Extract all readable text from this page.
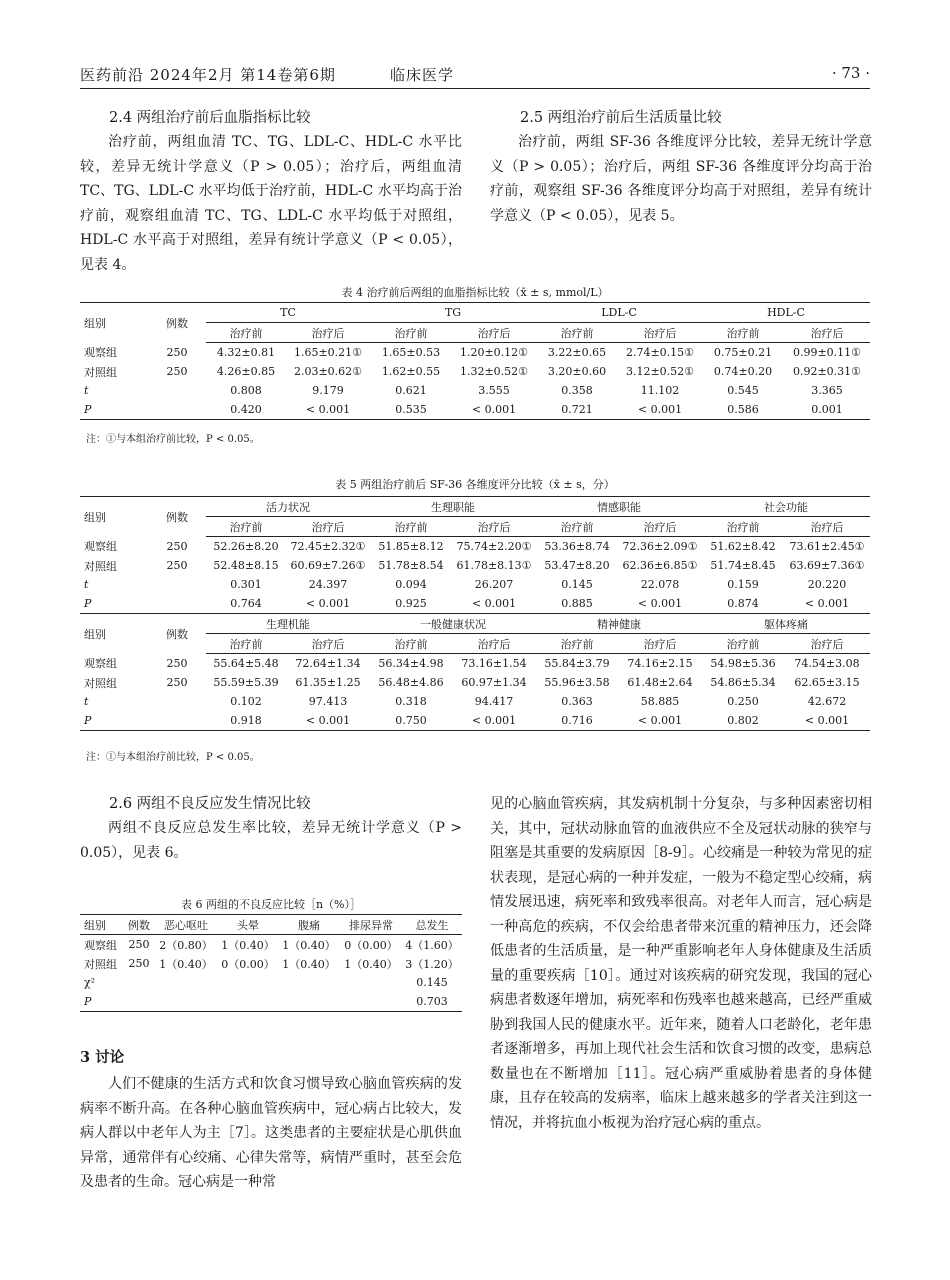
医药前沿 2024年2月 第14卷第6期	临床医学	· 73 ·
2.4 两组治疗前后血脂指标比较

治疗前，两组血清 TC、TG、LDL-C、HDL-C 水平比较，差异无统计学意义（P > 0.05）；治疗后，两组血清 TC、TG、LDL-C 水平均低于治疗前，HDL-C 水平均高于治疗前，观察组血清 TC、TG、LDL-C 水平均低于对照组，HDL-C 水平高于对照组，差异有统计学意义（P < 0.05），见表 4。

2.5 两组治疗前后生活质量比较

治疗前，两组 SF-36 各维度评分比较，差异无统计学意义（P > 0.05）；治疗后，两组 SF-36 各维度评分均高于治疗前，观察组 SF-36 各维度评分均高于对照组，差异有统计学意义（P < 0.05），见表 5。

表 4 治疗前后两组的血脂指标比较（x̄ ± s, mmol/L）
组别	例数	TC		TG		LDL-C		HDL-C	
		治疗前	治疗后	治疗前	治疗后	治疗前	治疗后	治疗前	治疗后
观察组	250	4.32±0.81	1.65±0.21①	1.65±0.53	1.20±0.12①	3.22±0.65	2.74±0.15①	0.75±0.21	0.99±0.11①
对照组	250	4.26±0.85	2.03±0.62①	1.62±0.55	1.32±0.52①	3.20±0.60	3.12±0.52①	0.74±0.20	0.92±0.31①
t		0.808	9.179	0.621	3.555	0.358	11.102	0.545	3.365
P		0.420	< 0.001	0.535	< 0.001	0.721	< 0.001	0.586	0.001
注：①与本组治疗前比较，P < 0.05。
表 5 两组治疗前后 SF-36 各维度评分比较（x̄ ± s，分）
组别	例数	活力状况		生理职能		情感职能		社会功能	
		治疗前	治疗后	治疗前	治疗后	治疗前	治疗后	治疗前	治疗后
观察组	250	52.26±8.20	72.45±2.32①	51.85±8.12	75.74±2.20①	53.36±8.74	72.36±2.09①	51.62±8.42	73.61±2.45①
对照组	250	52.48±8.15	60.69±7.26①	51.78±8.54	61.78±8.13①	53.47±8.20	62.36±6.85①	51.74±8.45	63.69±7.36①
t		0.301	24.397	0.094	26.207	0.145	22.078	0.159	20.220
P		0.764	< 0.001	0.925	< 0.001	0.885	< 0.001	0.874	< 0.001
组别	例数	生理机能		一般健康状况		精神健康		躯体疼痛	
		治疗前	治疗后	治疗前	治疗后	治疗前	治疗后	治疗前	治疗后
观察组	250	55.64±5.48	72.64±1.34	56.34±4.98	73.16±1.54	55.84±3.79	74.16±2.15	54.98±5.36	74.54±3.08
对照组	250	55.59±5.39	61.35±1.25	56.48±4.86	60.97±1.34	55.96±3.58	61.48±2.64	54.86±5.34	62.65±3.15
t		0.102	97.413	0.318	94.417	0.363	58.885	0.250	42.672
P		0.918	< 0.001	0.750	< 0.001	0.716	< 0.001	0.802	< 0.001
注：①与本组治疗前比较，P < 0.05。
2.6 两组不良反应发生情况比较

两组不良反应总发生率比较，差异无统计学意义（P > 0.05），见表 6。

表 6 两组的不良反应比较［n（%）］
组别	例数	恶心呕吐	头晕	腹痛	排尿异常	总发生
观察组	250	2（0.80）	1（0.40）	1（0.40）	0（0.00）	4（1.60）
对照组	250	1（0.40）	0（0.00）	1（0.40）	1（0.40）	3（1.20）
χ²						0.145
P						0.703
3 讨论

人们不健康的生活方式和饮食习惯导致心脑血管疾病的发病率不断升高。在各种心脑血管疾病中，冠心病占比较大，发病人群以中老年人为主［7］。这类患者的主要症状是心肌供血异常，通常伴有心绞痛、心律失常等，病情严重时，甚至会危及患者的生命。冠心病是一种常

见的心脑血管疾病，其发病机制十分复杂，与多种因素密切相关，其中，冠状动脉血管的血液供应不全及冠状动脉的狭窄与阻塞是其重要的发病原因［8-9］。心绞痛是一种较为常见的症状表现，是冠心病的一种并发症，一般为不稳定型心绞痛，病情发展迅速，病死率和致残率很高。对老年人而言，冠心病是一种高危的疾病，不仅会给患者带来沉重的精神压力，还会降低患者的生活质量，是一种严重影响老年人身体健康及生活质量的重要疾病［10］。通过对该疾病的研究发现，我国的冠心病患者数逐年增加，病死率和伤残率也越来越高，已经严重威胁到我国人民的健康水平。近年来，随着人口老龄化，老年患者逐渐增多，再加上现代社会生活和饮食习惯的改变，患病总数量也在不断增加［11］。冠心病严重威胁着患者的身体健康，且存在较高的发病率，临床上越来越多的学者关注到这一情况，并将抗血小板视为治疗冠心病的重点。
